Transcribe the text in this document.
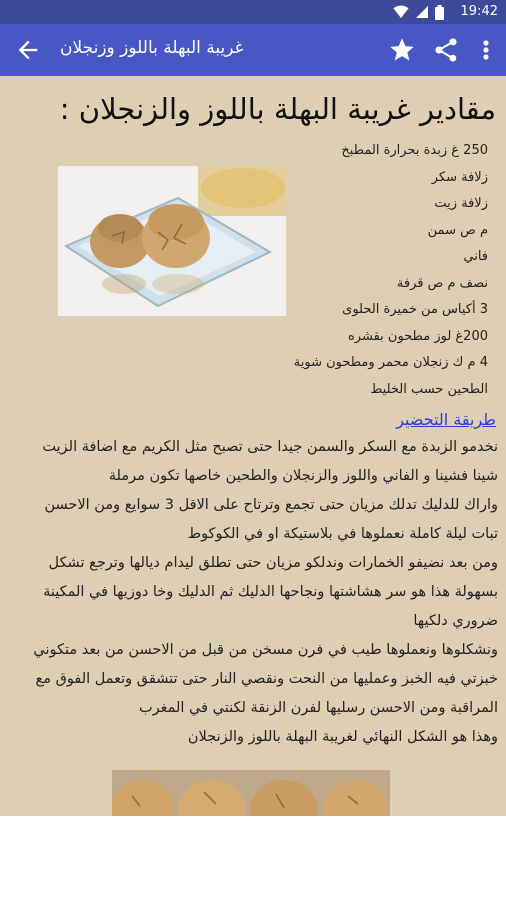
19:42
غريبة البهلة باللوز وزنجلان
مقادير غريبة البهلة باللوز والزنجلان :
250 غ زبدة بحرارة المطبخ
زلافة سكر
زلافة زيت
م ص سمن
فاني
نصف م ص قرفة
3 أكياس من خميرة الحلوى
200غ لوز مطحون بقشره
4 م ك زنجلان محمر ومطحون شوية
الطحين حسب الخليط
طريقة التحضير
نخدمو الزبدة مع السكر والسمن جيدا حتى تصبح مثل الكريم مع اضافة الزيت
شينا فشينا و الفاني واللوز والزنجلان والطحين خاصها تكون مرملة
واراك للدليك تدلك مزيان حتى تجمع وترتاح على الاقل 3 سوايع ومن الاحسن
تبات ليلة كاملة نعملوها في بلاستيكة او في الكوكوط
ومن بعد نضيفو الخمارات وندلكو مزيان حتى تطلق ليدام ديالها وترجع تشكل
بسهولة هذا هو سر هشاشتها ونجاحها الدليك ثم الدليك وخا دوزيها في المكينة
ضروري دلكيها
ونشكلوها ونعملوها طيب في فرن مسخن من قبل من الاحسن من بعد متكوني
خبزتي فيه الخبز وعمليها من النحت ونقصي النار حتى تتشقق وتعمل الفوق مع
المراقبة ومن الاحسن رسليها لفرن الزنقة لكنتي في المغرب
وهذا هو الشكل النهائي لغريبة البهلة باللوز والزنجلان
